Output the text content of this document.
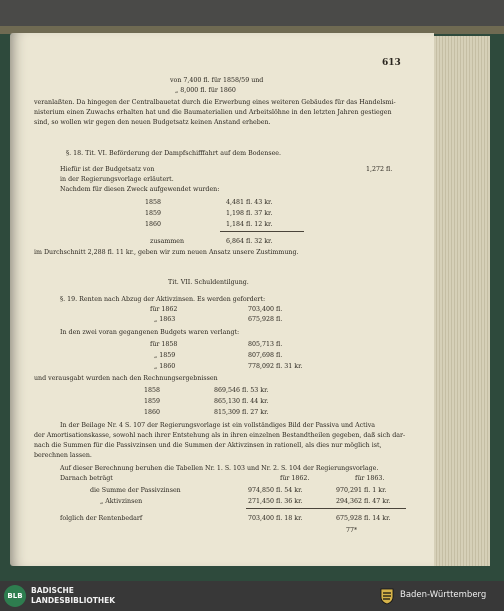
613
von 7,400 fl. für 1858/59 und
„ 8,000 fl. für 1860
veranlaßten. Da hingegen der Centralbauetat durch die Erwerbung eines weiteren Gebäudes für das Handelsmi-
nisterium einen Zuwachs erhalten hat und die Baumaterialien und Arbeitslöhne in den letzten Jahren gestiegen
sind, so wollen wir gegen den neuen Budgetsatz keinen Anstand erheben.
§. 18. Tit. VI. Beförderung der Dampfschifffahrt auf dem Bodensee.
Hiefür ist der Budgetsatz von	1,272 fl.
in der Regierungsvorlage erläutert.
Nachdem für diesen Zweck aufgewendet wurden:
1858	4,481 fl. 43 kr.
1859	1,198 fl. 37 kr.
1860	1,184 fl. 12 kr.
zusammen	6,864 fl. 32 kr.
im Durchschnitt 2,288 fl. 11 kr., geben wir zum neuen Ansatz unsere Zustimmung.
Tit. VII. Schuldentilgung.
§. 19. Renten nach Abzug der Aktivzinsen. Es werden gefordert:
für 1862	703,400 fl.
„ 1863	675,928 fl.
In den zwei voran gegangenen Budgets waren verlangt:
für 1858	805,713 fl.
„ 1859	807,698 fl.
„ 1860	778,092 fl. 31 kr.
und verausgabt wurden nach den Rechnungsergebnissen
1858	869,546 fl. 53 kr.
1859	865,130 fl. 44 kr.
1860	815,309 fl. 27 kr.
In der Beilage Nr. 4 S. 107 der Regierungsvorlage ist ein vollständiges Bild der Passiva und Activa
der Amortisationskasse, sowohl nach ihrer Entstehung als in ihren einzelnen Bestandtheilen gegeben, daß sich dar-
nach die Summen für die Passivzinsen und die Summen der Aktivzinsen in rationell, als dies nur möglich ist,
berechnen lassen.
Auf dieser Berechnung beruhen die Tabellen Nr. 1. S. 103 und Nr. 2. S. 104 der Regierungsvorlage.
Darnach beträgt	für 1862.	für 1863.
die Summe der Passivzinsen	974,850 fl. 54 kr.	970,291 fl. 1 kr.
„ Aktivzinsen	271,450 fl. 36 kr.	294,362 fl. 47 kr.
folglich der Rentenbedarf	703,400 fl. 18 kr.	675,928 fl. 14 kr.
77*
BLB
BADISCHE
LANDESBIBLIOTHEK
Baden-Württemberg
